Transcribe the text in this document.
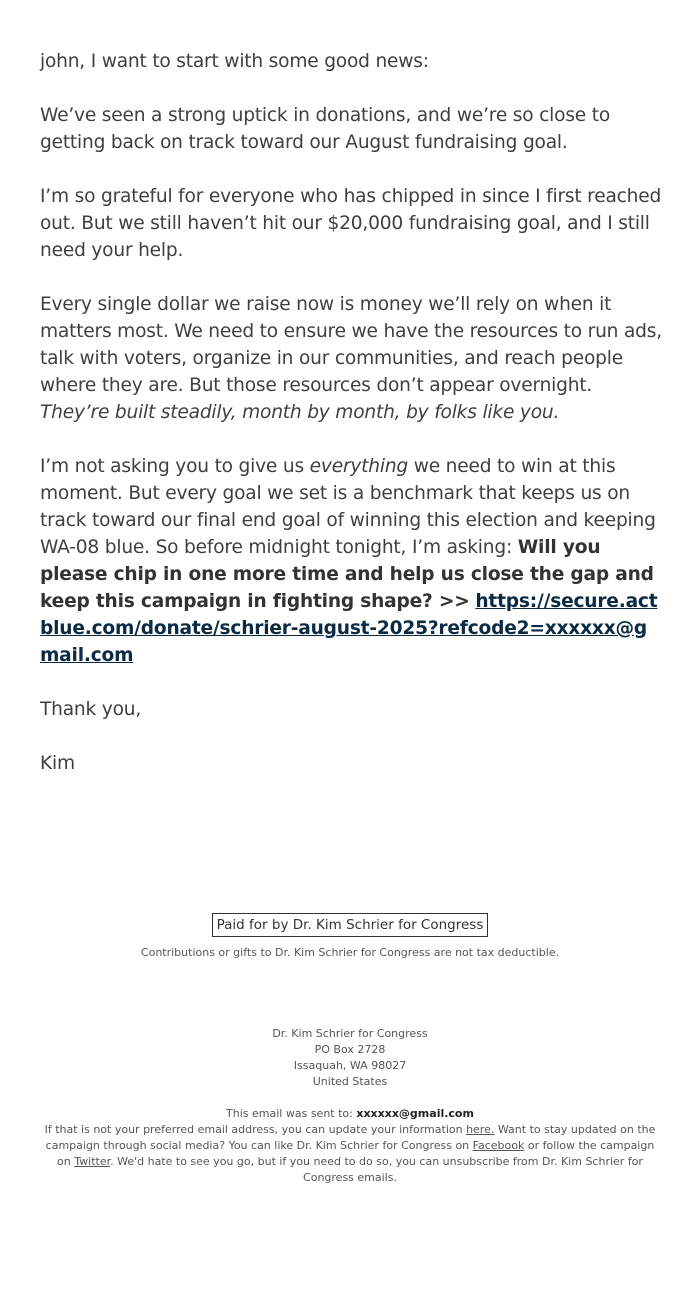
john, I want to start with some good news:

We’ve seen a strong uptick in donations, and we’re so close to getting back on track toward our August fundraising goal.

I’m so grateful for everyone who has chipped in since I first reached out. But we still haven’t hit our $20,000 fundraising goal, and I still need your help.

Every single dollar we raise now is money we’ll rely on when it matters most. We need to ensure we have the resources to run ads, talk with voters, organize in our communities, and reach people where they are. But those resources don’t appear overnight. They’re built steadily, month by month, by folks like you.

I’m not asking you to give us everything we need to win at this moment. But every goal we set is a benchmark that keeps us on track toward our final end goal of winning this election and keeping WA-08 blue. So before midnight tonight, I’m asking: Will you please chip in one more time and help us close the gap and keep this campaign in fighting shape? >> https://secure.actblue.com/donate/schrier-august-2025?refcode2=xxxxxx@gmail.com

Thank you,

Kim

Paid for by Dr. Kim Schrier for Congress
Contributions or gifts to Dr. Kim Schrier for Congress are not tax deductible.
Dr. Kim Schrier for Congress
PO Box 2728
Issaquah, WA 98027
United States
This email was sent to: xxxxxx@gmail.com
If that is not your preferred email address, you can update your information here. Want to stay updated on the campaign through social media? You can like Dr. Kim Schrier for Congress on Facebook or follow the campaign on Twitter. We'd hate to see you go, but if you need to do so, you can unsubscribe from Dr. Kim Schrier for Congress emails.
